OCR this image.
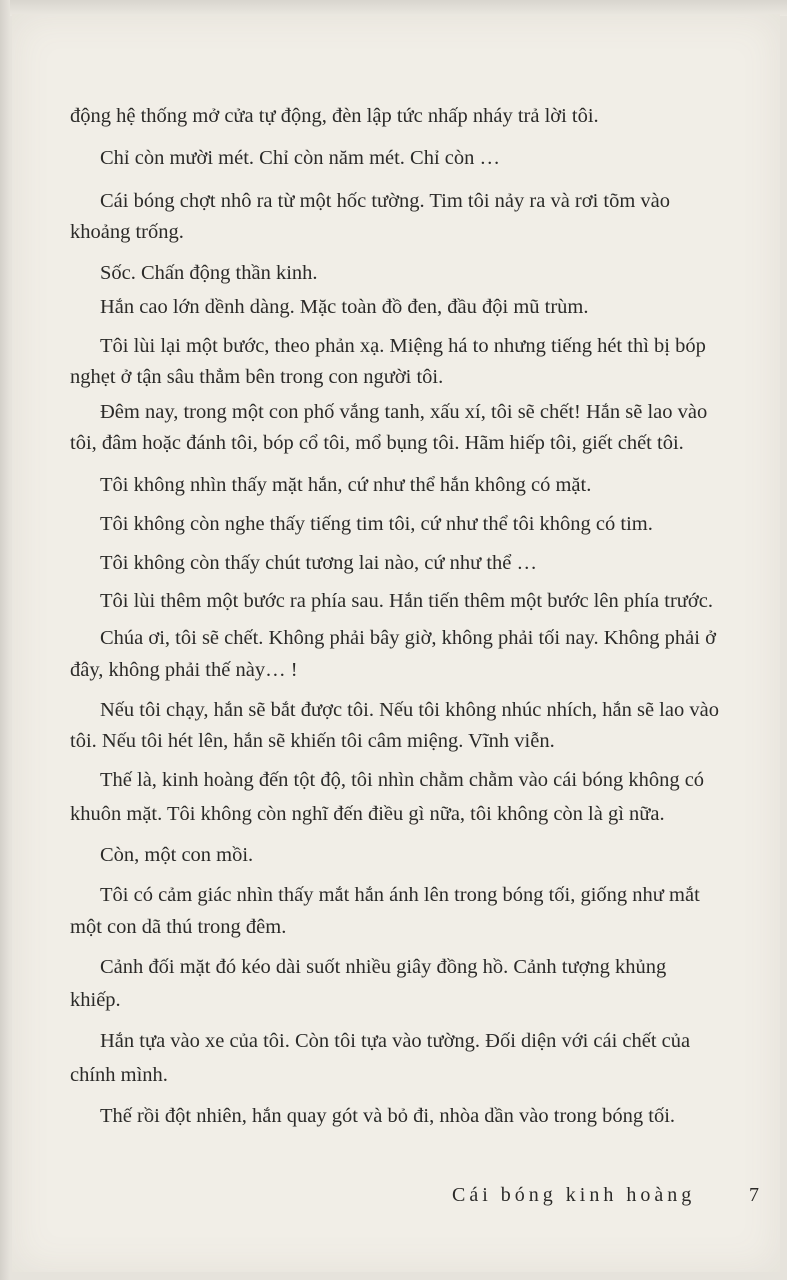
động hệ thống mở cửa tự động, đèn lập tức nhấp nháy trả lời tôi.
Chỉ còn mười mét. Chỉ còn năm mét. Chỉ còn …
Cái bóng chợt nhô ra từ một hốc tường. Tim tôi nảy ra và rơi tõm vào
khoảng trống.
Sốc. Chấn động thần kinh.
Hắn cao lớn dềnh dàng. Mặc toàn đồ đen, đầu đội mũ trùm.
Tôi lùi lại một bước, theo phản xạ. Miệng há to nhưng tiếng hét thì bị bóp
nghẹt ở tận sâu thẳm bên trong con người tôi.
Đêm nay, trong một con phố vắng tanh, xấu xí, tôi sẽ chết! Hắn sẽ lao vào
tôi, đâm hoặc đánh tôi, bóp cổ tôi, mổ bụng tôi. Hãm hiếp tôi, giết chết tôi.
Tôi không nhìn thấy mặt hắn, cứ như thể hắn không có mặt.
Tôi không còn nghe thấy tiếng tim tôi, cứ như thể tôi không có tim.
Tôi không còn thấy chút tương lai nào, cứ như thể …
Tôi lùi thêm một bước ra phía sau. Hắn tiến thêm một bước lên phía trước.
Chúa ơi, tôi sẽ chết. Không phải bây giờ, không phải tối nay. Không phải ở
đây, không phải thế này… !
Nếu tôi chạy, hắn sẽ bắt được tôi. Nếu tôi không nhúc nhích, hắn sẽ lao vào
tôi. Nếu tôi hét lên, hắn sẽ khiến tôi câm miệng. Vĩnh viễn.
Thế là, kinh hoàng đến tột độ, tôi nhìn chằm chằm vào cái bóng không có
khuôn mặt. Tôi không còn nghĩ đến điều gì nữa, tôi không còn là gì nữa.
Còn, một con mồi.
Tôi có cảm giác nhìn thấy mắt hắn ánh lên trong bóng tối, giống như mắt
một con dã thú trong đêm.
Cảnh đối mặt đó kéo dài suốt nhiều giây đồng hồ. Cảnh tượng khủng
khiếp.
Hắn tựa vào xe của tôi. Còn tôi tựa vào tường. Đối diện với cái chết của
chính mình.
Thế rồi đột nhiên, hắn quay gót và bỏ đi, nhòa dần vào trong bóng tối.
Cái bóng kinh hoàng	7
